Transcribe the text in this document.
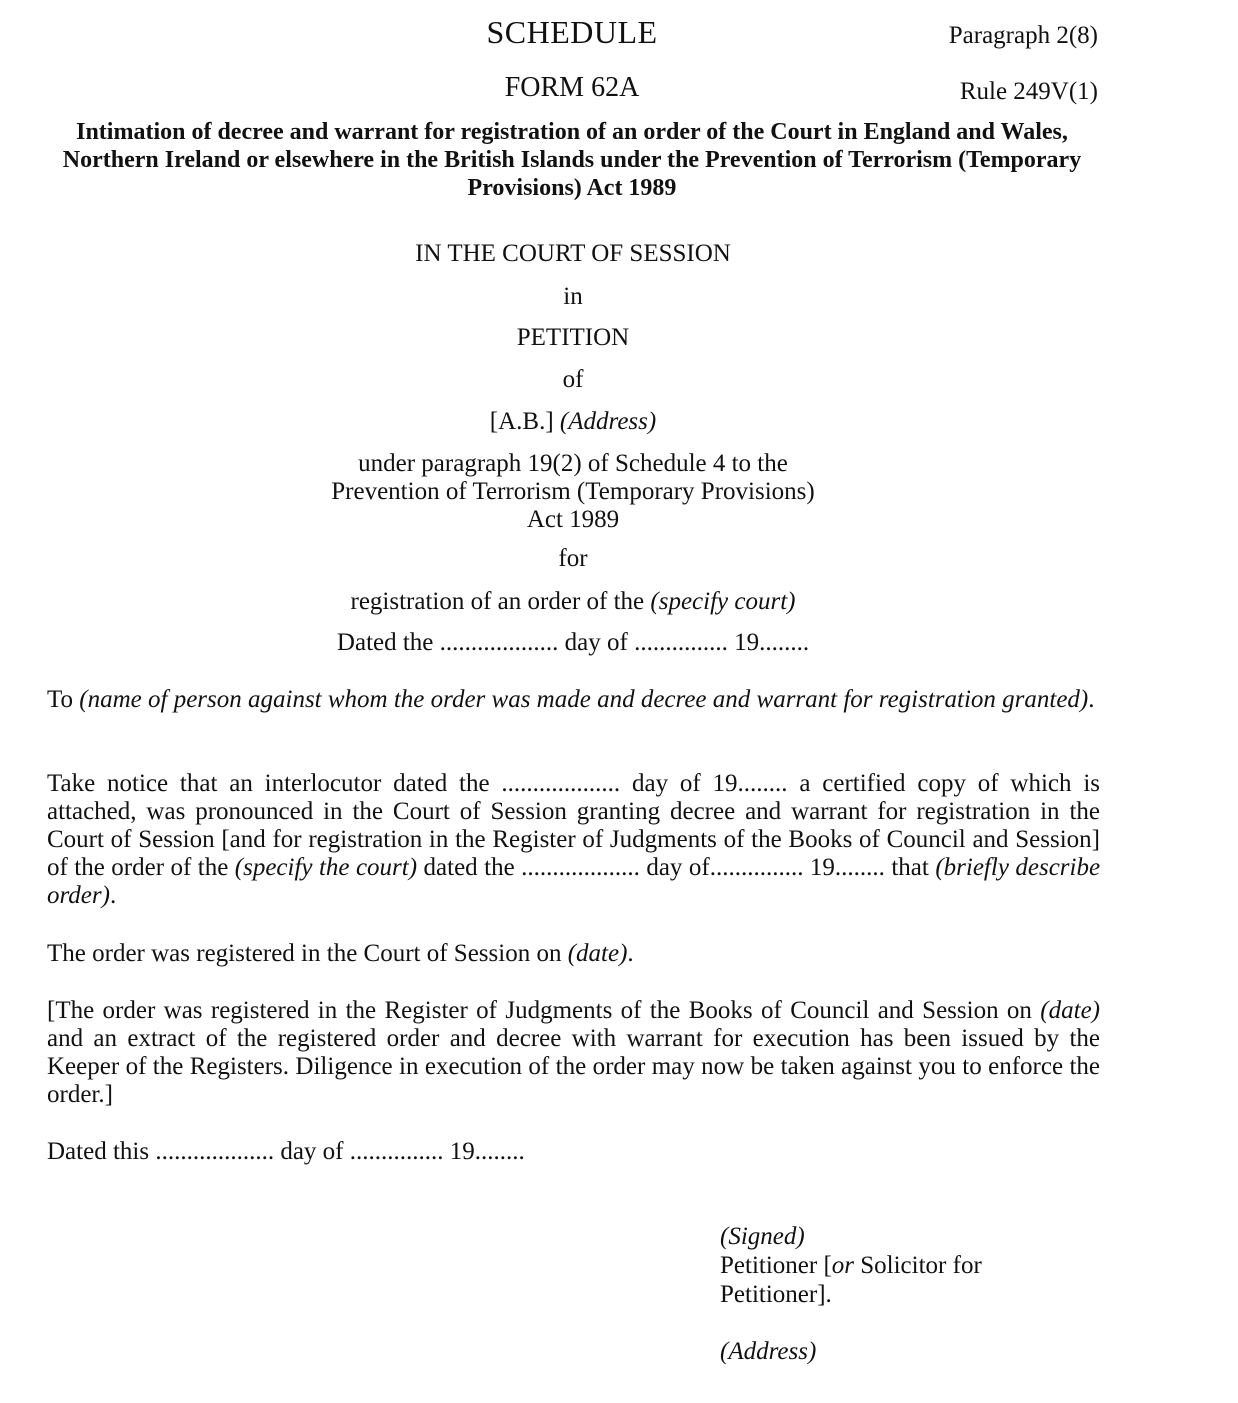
SCHEDULE	Paragraph 2(8)
FORM 62A	Rule 249V(1)
Intimation of decree and warrant for registration of an order of the Court in England and Wales, Northern Ireland or elsewhere in the British Islands under the Prevention of Terrorism (Temporary Provisions) Act 1989
IN THE COURT OF SESSION
in
PETITION
of
[A.B.] (Address)
under paragraph 19(2) of Schedule 4 to the
Prevention of Terrorism (Temporary Provisions)
Act 1989
for
registration of an order of the (specify court)
Dated the ................... day of ............... 19........

To (name of person against whom the order was made and decree and warrant for registration granted).

Take notice that an interlocutor dated the ................... day of 19........ a certified copy of which is attached, was pronounced in the Court of Session granting decree and warrant for registration in the Court of Session [and for registration in the Register of Judgments of the Books of Council and Session] of the order of the (specify the court) dated the ................... day of............... 19........ that (briefly describe order).

The order was registered in the Court of Session on (date).

[The order was registered in the Register of Judgments of the Books of Council and Session on (date) and an extract of the registered order and decree with warrant for execution has been issued by the Keeper of the Registers. Diligence in execution of the order may now be taken against you to enforce the order.]

Dated this ................... day of ............... 19........

(Signed)

Petitioner [or Solicitor for

Petitioner].

(Address)
